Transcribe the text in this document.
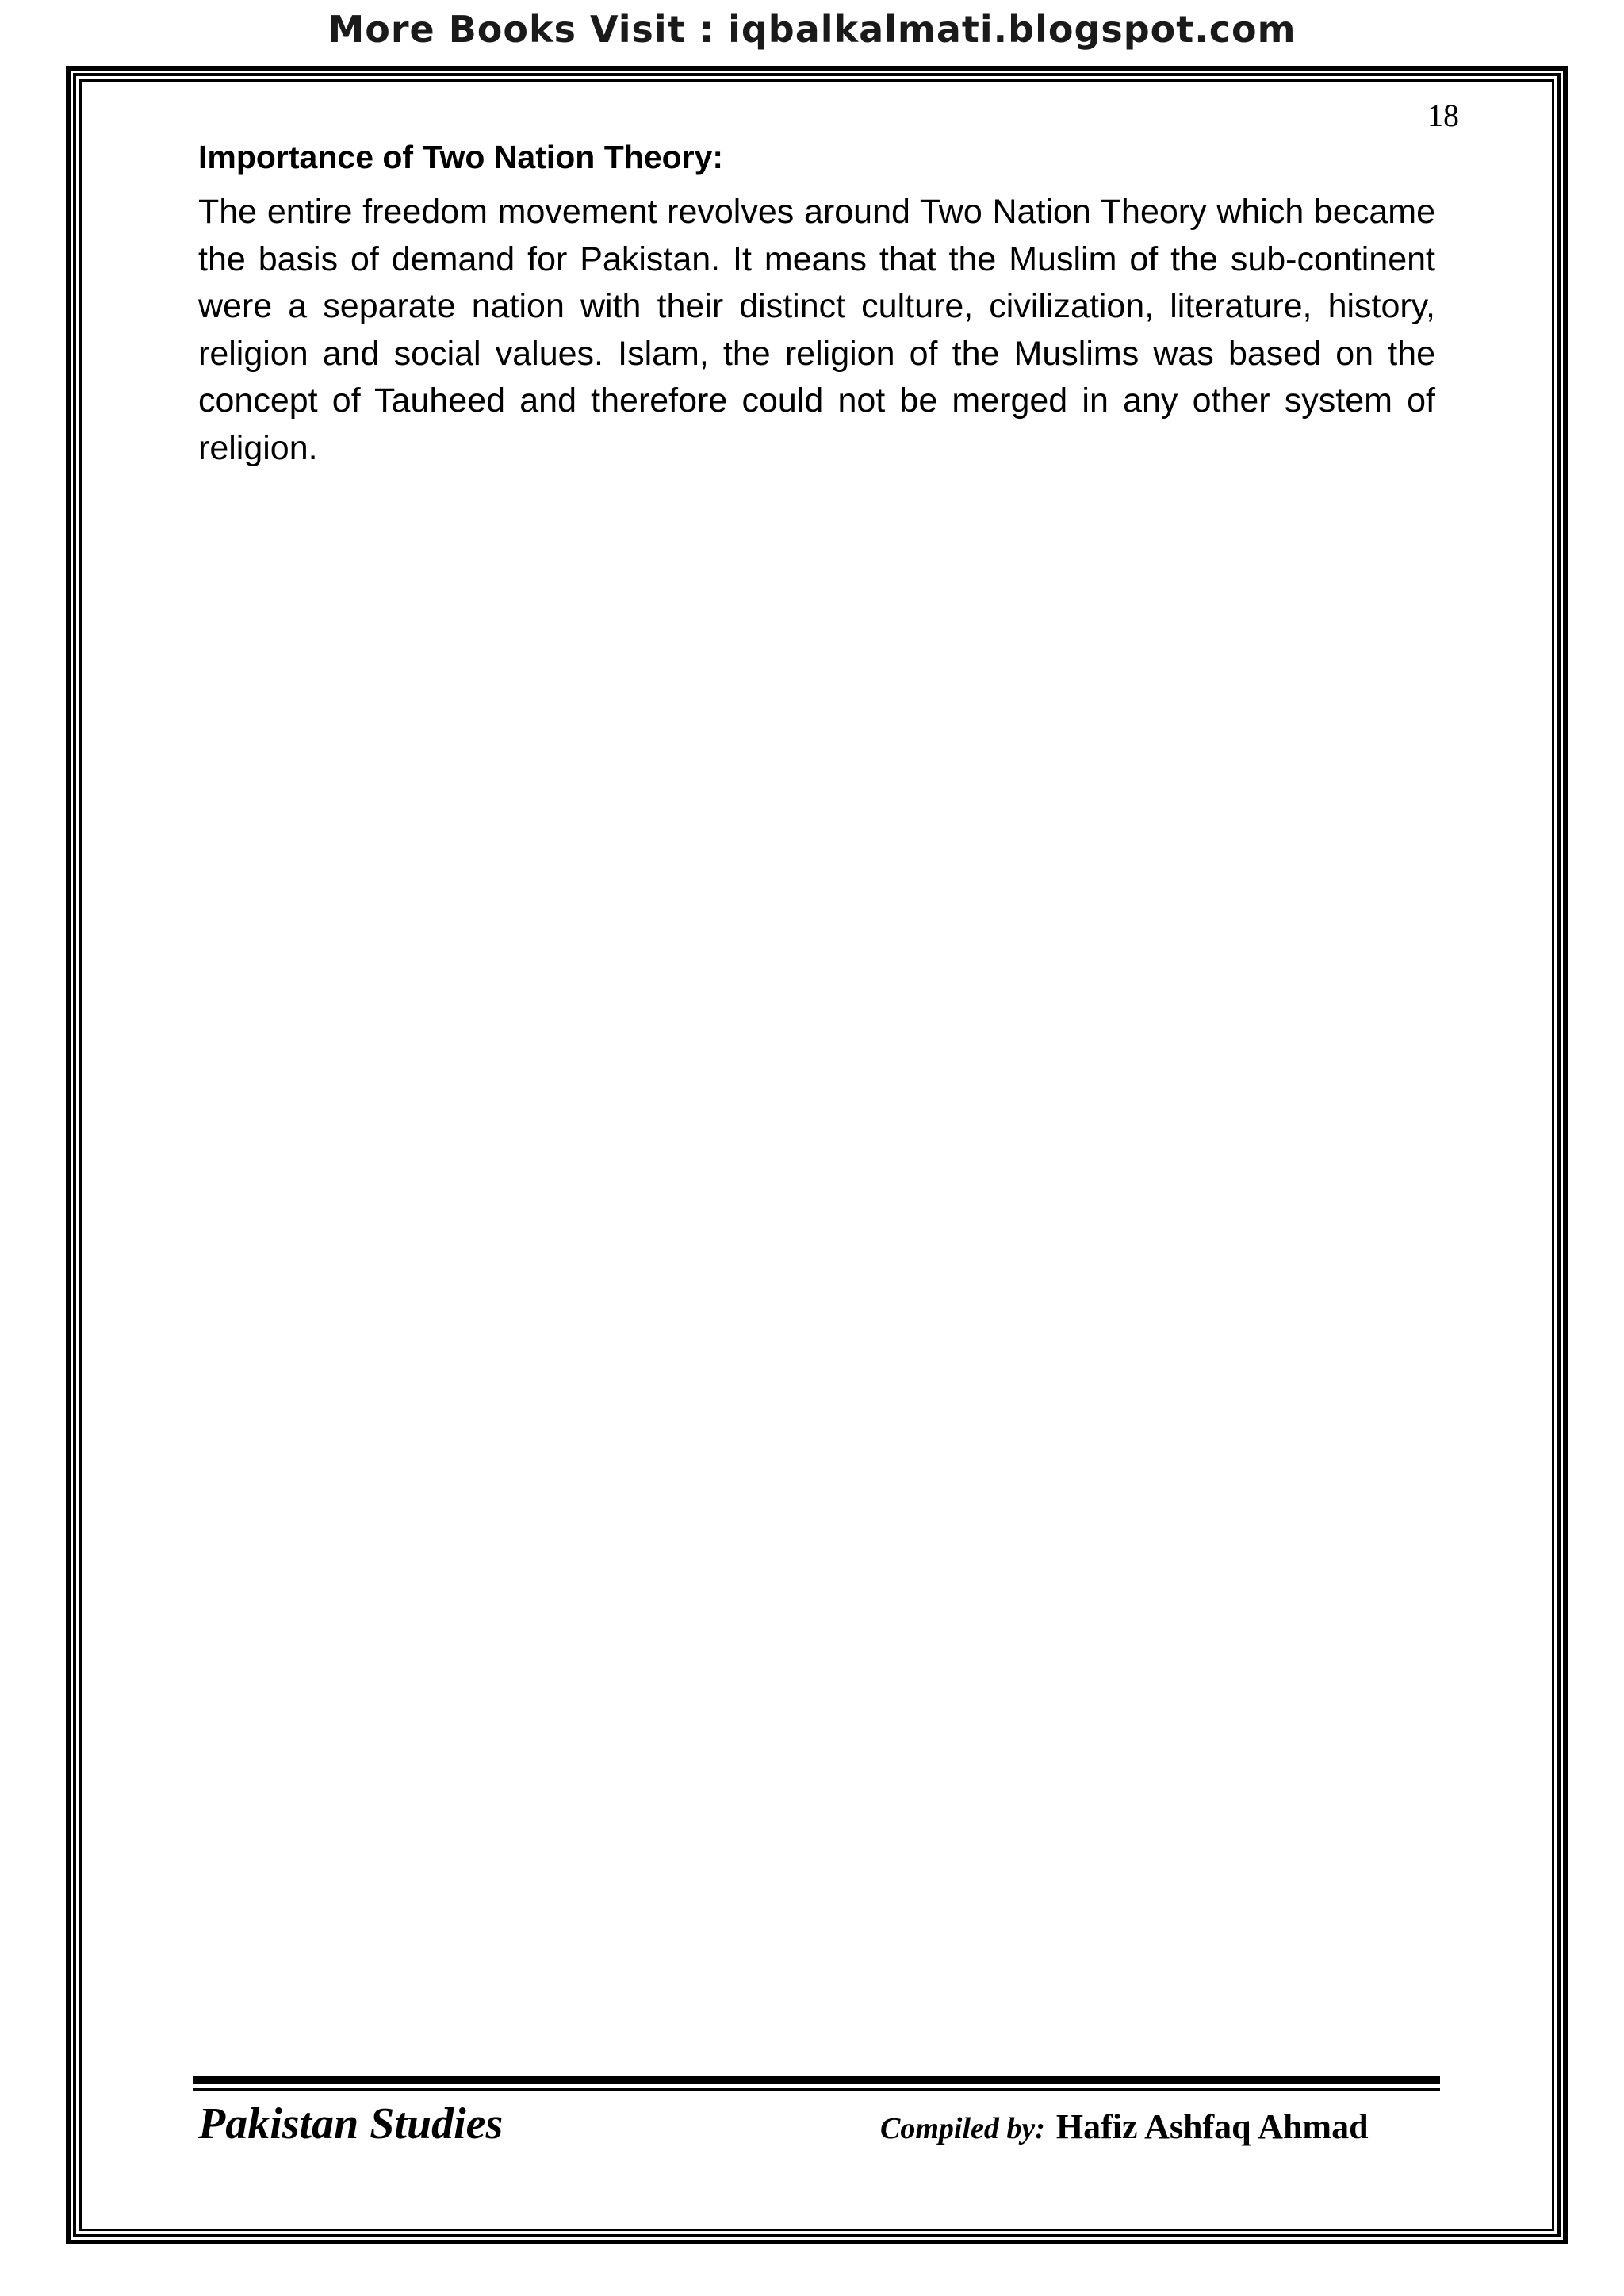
More Books Visit : iqbalkalmati.blogspot.com
18
Importance of Two Nation Theory:
The entire freedom movement revolves around Two Nation Theory which became the basis of demand for Pakistan. It means that the Muslim of the sub-continent were a separate nation with their distinct culture, civilization, literature, history, religion and social values. Islam, the religion of the Muslims was based on the concept of Tauheed and therefore could not be merged in any other system of religion.
Pakistan Studies	Compiled by: Hafiz Ashfaq Ahmad
